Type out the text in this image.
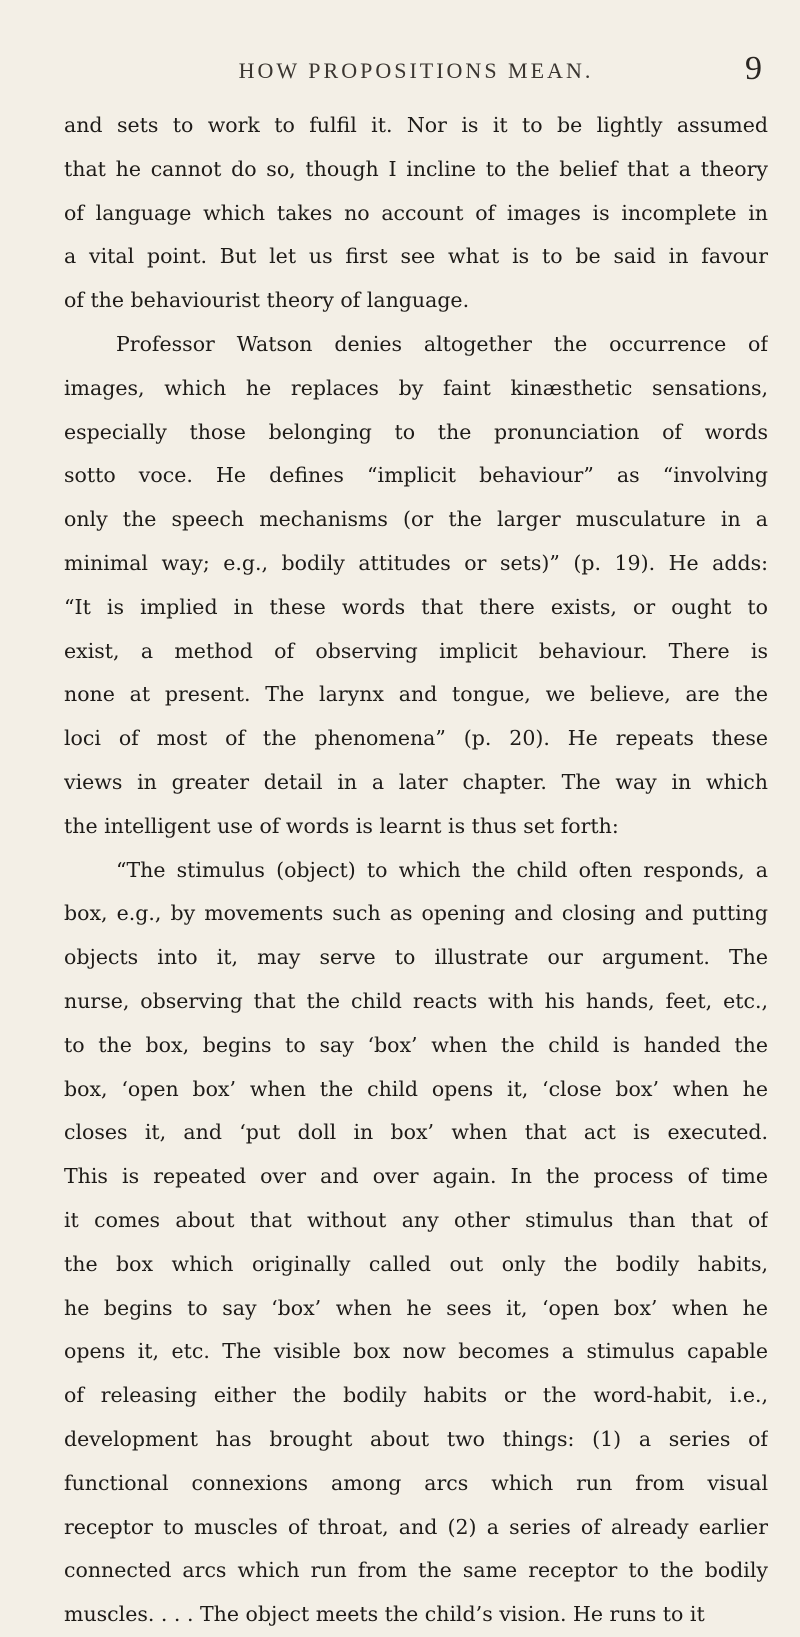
HOW PROPOSITIONS MEAN.	9
and sets to work to fulfil it. Nor is it to be lightly assumed
that he cannot do so, though I incline to the belief that a theory
of language which takes no account of images is incomplete in
a vital point. But let us first see what is to be said in favour
of the behaviourist theory of language.
Professor Watson denies altogether the occurrence of
images, which he replaces by faint kinæsthetic sensations,
especially those belonging to the pronunciation of words
sotto voce. He defines “implicit behaviour” as “involving
only the speech mechanisms (or the larger musculature in a
minimal way; e.g., bodily attitudes or sets)” (p. 19). He adds:
“It is implied in these words that there exists, or ought to
exist, a method of observing implicit behaviour. There is
none at present. The larynx and tongue, we believe, are the
loci of most of the phenomena” (p. 20). He repeats these
views in greater detail in a later chapter. The way in which
the intelligent use of words is learnt is thus set forth:
“The stimulus (object) to which the child often responds, a
box, e.g., by movements such as opening and closing and putting
objects into it, may serve to illustrate our argument. The
nurse, observing that the child reacts with his hands, feet, etc.,
to the box, begins to say ‘box’ when the child is handed the
box, ‘open box’ when the child opens it, ‘close box’ when he
closes it, and ‘put doll in box’ when that act is executed.
This is repeated over and over again. In the process of time
it comes about that without any other stimulus than that of
the box which originally called out only the bodily habits,
he begins to say ‘box’ when he sees it, ‘open box’ when he
opens it, etc. The visible box now becomes a stimulus capable
of releasing either the bodily habits or the word-habit, i.e.,
development has brought about two things: (1) a series of
functional connexions among arcs which run from visual
receptor to muscles of throat, and (2) a series of already earlier
connected arcs which run from the same receptor to the bodily
muscles. . . . The object meets the child’s vision. He runs to it
